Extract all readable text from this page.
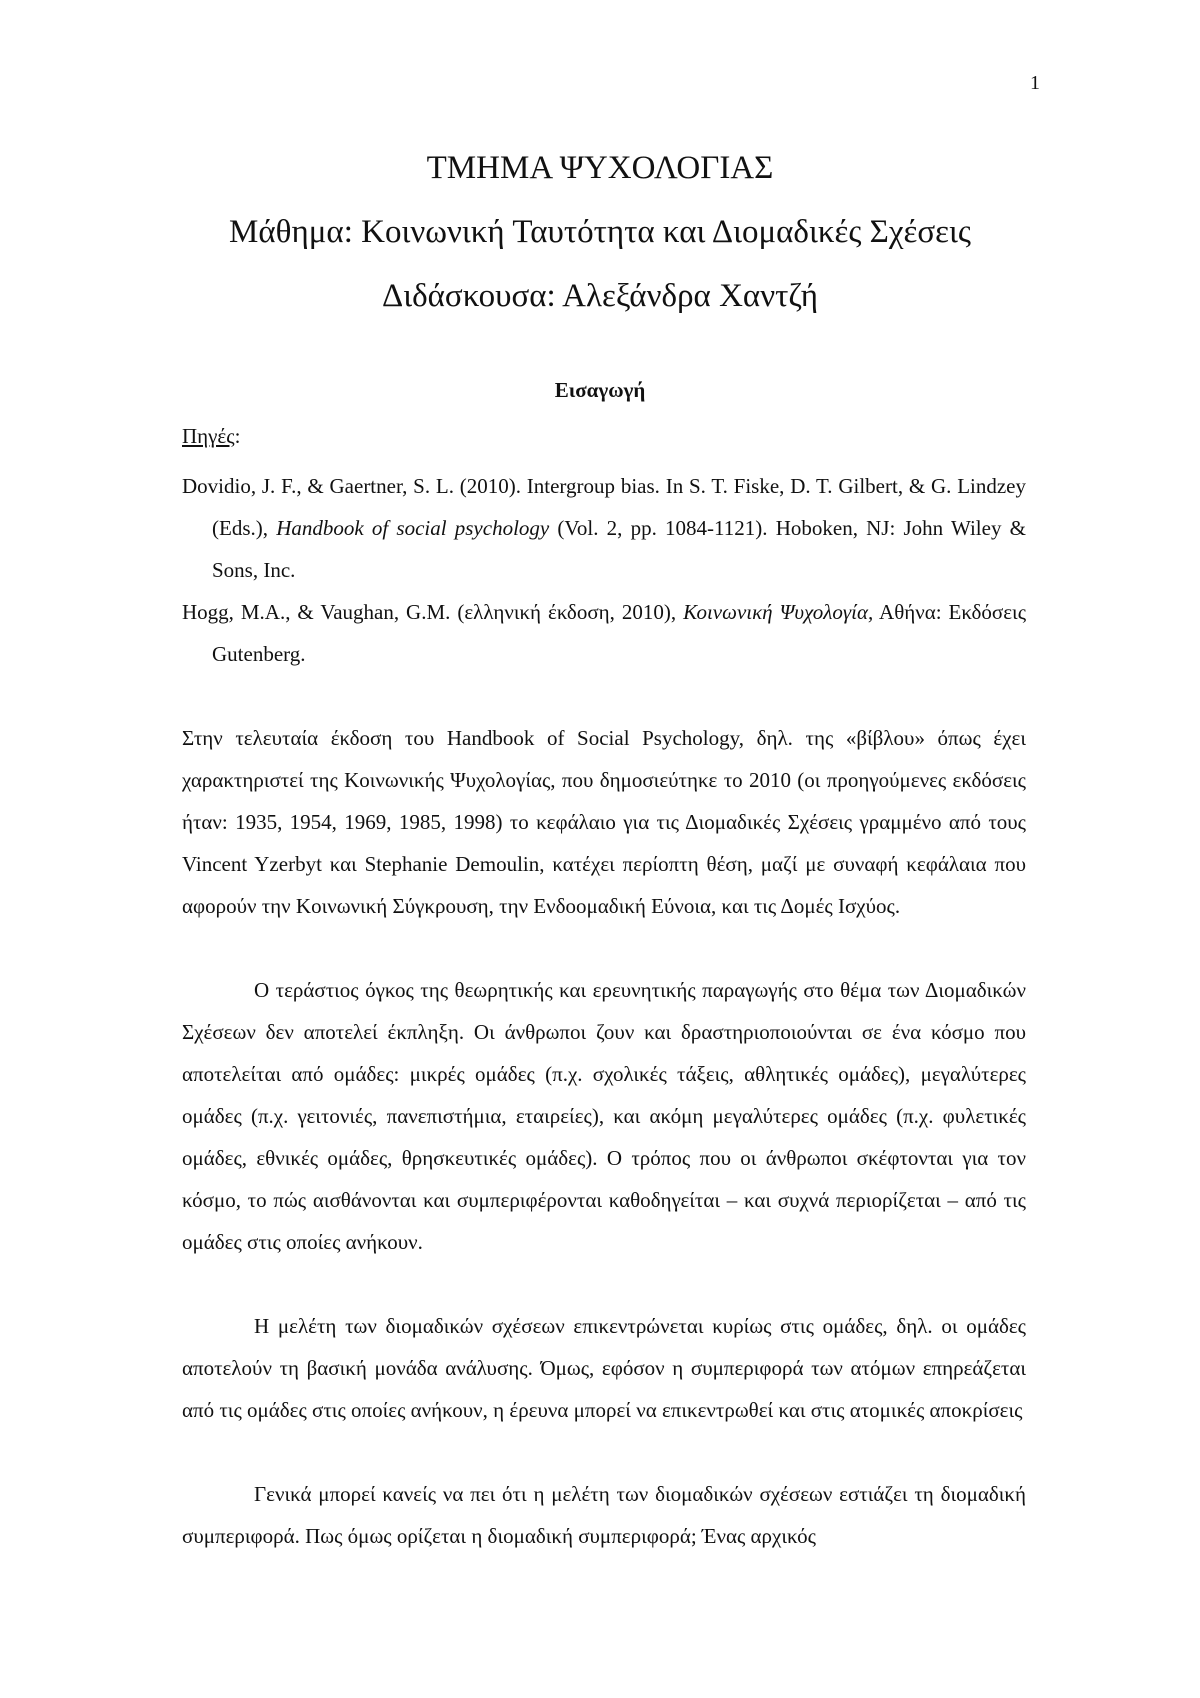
1
ΤΜΗΜΑ ΨΥΧΟΛΟΓΙΑΣ
Μάθημα: Κοινωνική Ταυτότητα και Διομαδικές Σχέσεις
Διδάσκουσα: Αλεξάνδρα Χαντζή
Εισαγωγή
Πηγές:

Dovidio, J. F., & Gaertner, S. L. (2010). Intergroup bias. In S. T. Fiske, D. T. Gilbert, & G. Lindzey (Eds.), Handbook of social psychology (Vol. 2, pp. 1084-1121). Hoboken, NJ: John Wiley & Sons, Inc.

Hogg, M.A., & Vaughan, G.M. (ελληνική έκδοση, 2010), Κοινωνική Ψυχολογία, Αθήνα: Εκδόσεις Gutenberg.

Στην τελευταία έκδοση του Handbook of Social Psychology, δηλ. της «βίβλου» όπως έχει χαρακτηριστεί της Κοινωνικής Ψυχολογίας, που δημοσιεύτηκε το 2010 (οι προηγούμενες εκδόσεις ήταν: 1935, 1954, 1969, 1985, 1998) το κεφάλαιο για τις Διομαδικές Σχέσεις γραμμένο από τους Vincent Yzerbyt και Stephanie Demoulin, κατέχει περίοπτη θέση, μαζί με συναφή κεφάλαια που αφορούν την Κοινωνική Σύγκρουση, την Ενδοομαδική Εύνοια, και τις Δομές Ισχύος.

Ο τεράστιος όγκος της θεωρητικής και ερευνητικής παραγωγής στο θέμα των Διομαδικών Σχέσεων δεν αποτελεί έκπληξη. Οι άνθρωποι ζουν και δραστηριοποιούνται σε ένα κόσμο που αποτελείται από ομάδες: μικρές ομάδες (π.χ. σχολικές τάξεις, αθλητικές ομάδες), μεγαλύτερες ομάδες (π.χ. γειτονιές, πανεπιστήμια, εταιρείες), και ακόμη μεγαλύτερες ομάδες (π.χ. φυλετικές ομάδες, εθνικές ομάδες, θρησκευτικές ομάδες). Ο τρόπος που οι άνθρωποι σκέφτονται για τον κόσμο, το πώς αισθάνονται και συμπεριφέρονται καθοδηγείται – και συχνά περιορίζεται – από τις ομάδες στις οποίες ανήκουν.

Η μελέτη των διομαδικών σχέσεων επικεντρώνεται κυρίως στις ομάδες, δηλ. οι ομάδες αποτελούν τη βασική μονάδα ανάλυσης. Όμως, εφόσον η συμπεριφορά των ατόμων επηρεάζεται από τις ομάδες στις οποίες ανήκουν, η έρευνα μπορεί να επικεντρωθεί και στις ατομικές αποκρίσεις

Γενικά μπορεί κανείς να πει ότι η μελέτη των διομαδικών σχέσεων εστιάζει τη διομαδική συμπεριφορά. Πως όμως ορίζεται η διομαδική συμπεριφορά; Ένας αρχικός
